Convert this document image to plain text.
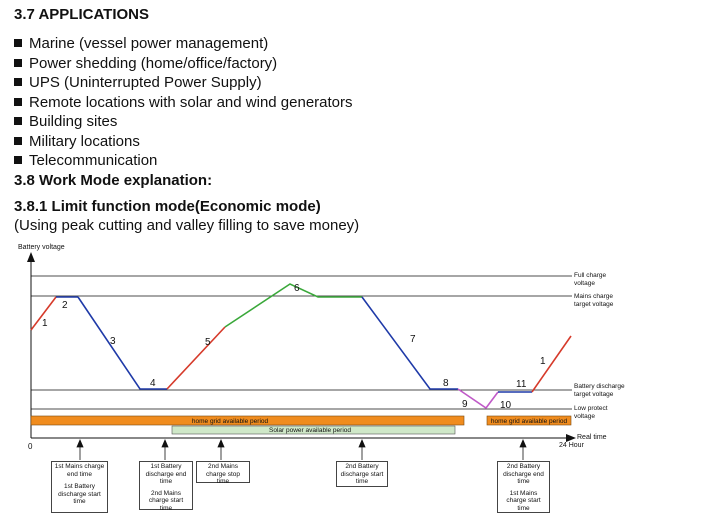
3.7 APPLICATIONS
Marine (vessel power management)
Power shedding (home/office/factory)
UPS (Uninterrupted Power Supply)
Remote locations with solar and wind generators
Building sites
Military locations
Telecommunication
3.8 Work Mode explanation:
3.8.1 Limit function mode(Economic mode)
(Using peak cutting and valley filling to save money)
1
2
3
4
5
6
7
8
9	10
11
1
Battery voltage
Real time
0	24 Hour
Full charge voltage
Mains charge target voltage
Battery discharge target voltage
Low protect voltage
home grid available period
Solar power available period
home grid available period
1st Mains charge end time
1st Battery discharge start time
1st Battery discharge end time
2nd Mains charge start time
2nd Mains charge stop time
2nd Battery discharge start time
2nd Battery discharge end time
1st Mains charge start time
